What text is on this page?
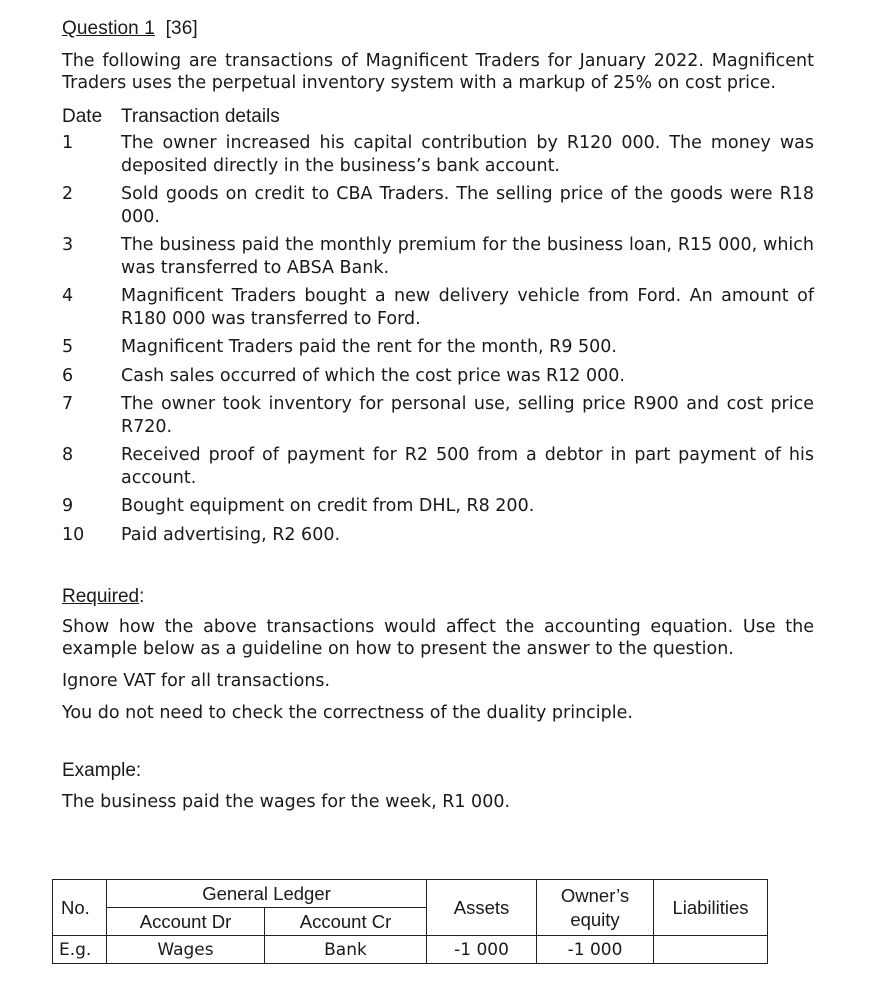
Question 1 [36]

The following are transactions of Magnificent Traders for January 2022. Magnificent Traders uses the perpetual inventory system with a markup of 25% on cost price.

Date Transaction details
1	The owner increased his capital contribution by R120 000. The money was deposited directly in the business’s bank account.
2	Sold goods on credit to CBA Traders. The selling price of the goods were R18 000.
3	The business paid the monthly premium for the business loan, R15 000, which was transferred to ABSA Bank.
4	Magnificent Traders bought a new delivery vehicle from Ford. An amount of R180 000 was transferred to Ford.
5	Magnificent Traders paid the rent for the month, R9 500.
6	Cash sales occurred of which the cost price was R12 000.
7	The owner took inventory for personal use, selling price R900 and cost price R720.
8	Received proof of payment for R2 500 from a debtor in part payment of his account.
9	Bought equipment on credit from DHL, R8 200.
10	Paid advertising, R2 600.
Required:

Show how the above transactions would affect the accounting equation. Use the example below as a guideline on how to present the answer to the question.

Ignore VAT for all transactions.

You do not need to check the correctness of the duality principle.

Example:
The business paid the wages for the week, R1 000.
No.	General Ledger		Assets	Owner’s equity	Liabilities
	Account Dr	Account Cr			
E.g.	Wages	Bank	-1 000	-1 000	
